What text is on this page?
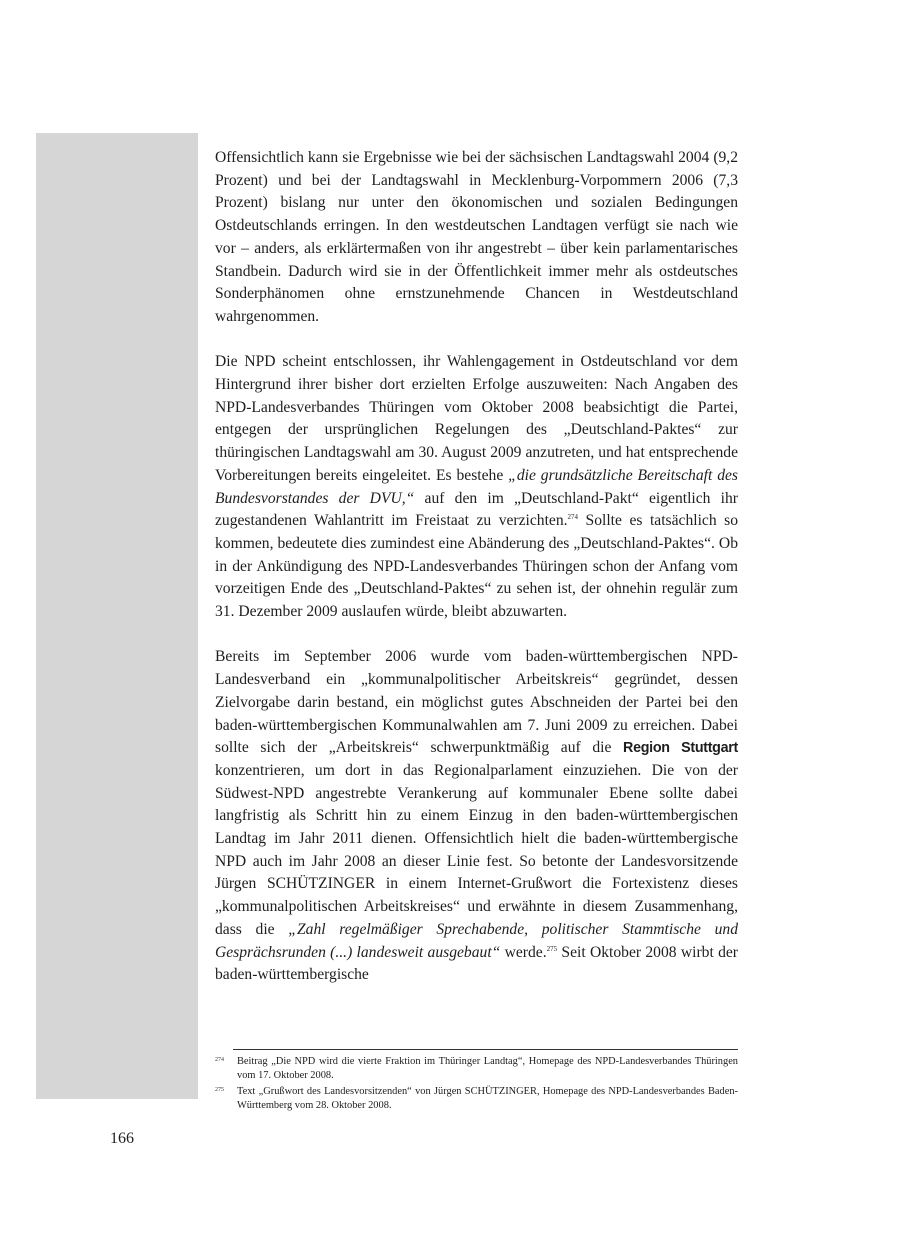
Offensichtlich kann sie Ergebnisse wie bei der sächsischen Landtagswahl 2004 (9,2 Prozent) und bei der Landtagswahl in Mecklenburg-Vorpommern 2006 (7,3 Prozent) bislang nur unter den ökonomischen und sozialen Bedingungen Ostdeutschlands erringen. In den westdeutschen Landtagen verfügt sie nach wie vor – anders, als erklärtermaßen von ihr angestrebt – über kein parlamentarisches Standbein. Dadurch wird sie in der Öffentlichkeit immer mehr als ostdeutsches Sonderphänomen ohne ernstzunehmende Chancen in Westdeutschland wahrgenommen.

Die NPD scheint entschlossen, ihr Wahlengagement in Ostdeutschland vor dem Hintergrund ihrer bisher dort erzielten Erfolge auszuweiten: Nach Angaben des NPD-Landesverbandes Thüringen vom Oktober 2008 beabsichtigt die Partei, entgegen der ursprünglichen Regelungen des „Deutschland-Paktes“ zur thüringischen Landtagswahl am 30. August 2009 anzutreten, und hat entsprechende Vorbereitungen bereits eingeleitet. Es bestehe „die grundsätzliche Bereitschaft des Bundesvorstandes der DVU,“ auf den im „Deutschland-Pakt“ eigentlich ihr zugestandenen Wahlantritt im Freistaat zu verzichten.$^{274}$ Sollte es tatsächlich so kommen, bedeutete dies zumindest eine Abänderung des „Deutschland-Paktes“. Ob in der Ankündigung des NPD-Landesverbandes Thüringen schon der Anfang vom vorzeitigen Ende des „Deutschland-Paktes“ zu sehen ist, der ohnehin regulär zum 31. Dezember 2009 auslaufen würde, bleibt abzuwarten.

Bereits im September 2006 wurde vom baden-württembergischen NPD-Landesverband ein „kommunalpolitischer Arbeitskreis“ gegründet, dessen Zielvorgabe darin bestand, ein möglichst gutes Abschneiden der Partei bei den baden-württembergischen Kommunalwahlen am 7. Juni 2009 zu erreichen. Dabei sollte sich der „Arbeitskreis“ schwerpunktmäßig auf die Region Stuttgart konzentrieren, um dort in das Regionalparlament einzuziehen. Die von der Südwest-NPD angestrebte Verankerung auf kommunaler Ebene sollte dabei langfristig als Schritt hin zu einem Einzug in den baden-württembergischen Landtag im Jahr 2011 dienen. Offensichtlich hielt die baden-württembergische NPD auch im Jahr 2008 an dieser Linie fest. So betonte der Landesvorsitzende Jürgen SCHÜTZINGER in einem Internet-Grußwort die Fortexistenz dieses „kommunalpolitischen Arbeitskreises“ und erwähnte in diesem Zusammenhang, dass die „Zahl regelmäßiger Sprechabende, politischer Stammtische und Gesprächsrunden (...) landesweit ausgebaut“ werde.$^{275}$ Seit Oktober 2008 wirbt der baden-württembergische

274	Beitrag „Die NPD wird die vierte Fraktion im Thüringer Landtag“, Homepage des NPD-Landesverbandes Thüringen vom 17. Oktober 2008.
275	Text „Grußwort des Landesvorsitzenden“ von Jürgen SCHÜTZINGER, Homepage des NPD-Landesverbandes Baden-Württemberg vom 28. Oktober 2008.
166
